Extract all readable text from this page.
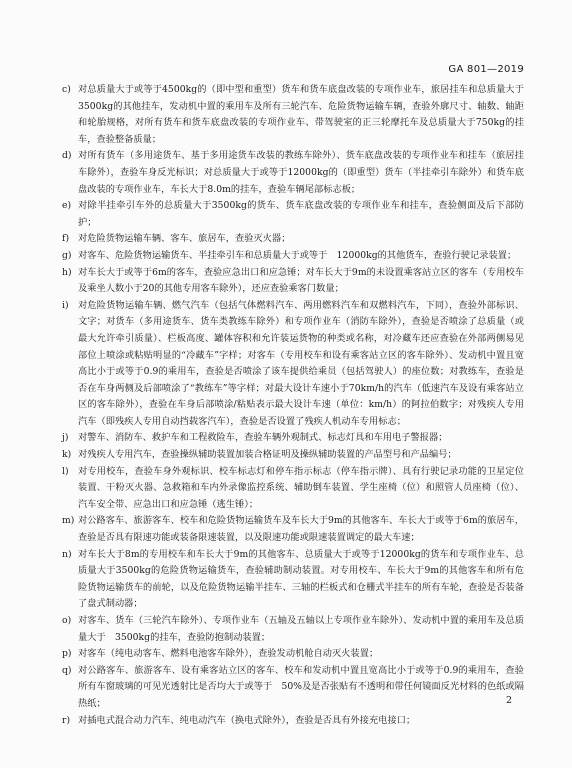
GA 801—2019
c) 对总质量大于或等于4500kg的（即中型和重型）货车和货车底盘改装的专项作业车，旅居挂车和总质量大于3500kg的其他挂车，发动机中置的乘用车及所有三轮汽车、危险货物运输车辆，查验外廓尺寸、轴数、轴距和轮胎规格，对所有货车和货车底盘改装的专项作业车、带驾驶室的正三轮摩托车及总质量大于750kg的挂车，查验整备质量；
d) 对所有货车（多用途货车、基于多用途货车改装的教练车除外）、货车底盘改装的专项作业车和挂车（旅居挂车除外），查验车身反光标识；对总质量大于或等于12000kg的（即重型）货车（半挂牵引车除外）和货车底盘改装的专项作业车，车长大于8.0m的挂车，查验车辆尾部标志板；
e) 对除半挂牵引车外的总质量大于3500kg的货车、货车底盘改装的专项作业车和挂车，查验侧面及后下部防护；
f) 对危险货物运输车辆、客车、旅居车，查验灭火器；
g) 对客车、危险货物运输货车、半挂牵引车和总质量大于或等于　12000kg的其他货车，查验行驶记录装置；
h) 对车长大于或等于6m的客车，查验应急出口和应急锤；对车长大于9m的未设置乘客站立区的客车（专用校车及乘坐人数小于20的其他专用客车除外），还应查验乘客门数量；
i)	对危险货物运输车辆、燃气汽车（包括气体燃料汽车、两用燃料汽车和双燃料汽车，下同），查验外部标识、文字；对货车（多用途货车、货车类教练车除外）和专项作业车（消防车除外），查验是否喷涂了总质量（或最大允许牵引质量）、栏板高度、罐体容积和允许装运货物的种类或名称，对冷藏车还应查验在外部两侧易见部位上喷涂或粘贴明显的“冷藏车”字样；对客车（专用校车和设有乘客站立区的客车除外）、发动机中置且宽高比小于或等于0.9的乘用车，查验是否喷涂了该车提供给乘员（包括驾驶人）的座位数；对教练车，查验是否在车身两侧及后部喷涂了“教练车”等字样；对最大设计车速小于70km/h的汽车（低速汽车及设有乘客站立区的客车除外），查验在车身后部喷涂/粘贴表示最大设计车速（单位：km/h）的阿拉伯数字；对残疾人专用汽车（即残疾人专用自动挡载客汽车），查验是否设置了残疾人机动车专用标志；
j)	对警车、消防车、救护车和工程救险车，查验车辆外观制式、标志灯具和车用电子警报器；
k) 对残疾人专用汽车，查验操纵辅助装置加装合格证明及操纵辅助装置的产品型号和产品编号；
l)	对专用校车，查验车身外观标识、校车标志灯和停车指示标志（停车指示牌）、具有行驶记录功能的卫星定位装置、干粉灭火器、急救箱和车内外录像监控系统、辅助倒车装置、学生座椅（位）和照管人员座椅（位）、汽车安全带、应急出口和应急锤（逃生锤）；
m) 对公路客车、旅游客车、校车和危险货物运输货车及车长大于9m的其他客车、车长大于或等于6m的旅居车，查验是否具有限速功能或装备限速装置，以及限速功能或限速装置调定的最大车速；
n) 对车长大于8m的专用校车和车长大于9m的其他客车、总质量大于或等于12000kg的货车和专项作业车、总质量大于3500kg的危险货物运输货车，查验辅助制动装置。对专用校车、车长大于9m的其他客车和所有危险货物运输货车的前轮，以及危险货物运输半挂车、三轴的栏板式和仓栅式半挂车的所有车轮，查验是否装备了盘式制动器；
o) 对客车、货车（三轮汽车除外）、专项作业车（五轴及五轴以上专项作业车除外）、发动机中置的乘用车及总质量大于　3500kg的挂车，查验防抱制动装置；
p) 对客车（纯电动客车、燃料电池客车除外），查验发动机舱自动灭火装置；
q) 对公路客车、旅游客车、设有乘客站立区的客车、校车和发动机中置且宽高比小于或等于0.9的乘用车，查验所有车窗玻璃的可见光透射比是否均大于或等于　50%及是否张贴有不透明和带任何镜面反光材料的色纸或隔热纸；
r) 对插电式混合动力汽车、纯电动汽车（换电式除外），查验是否具有外接充电接口；
2
